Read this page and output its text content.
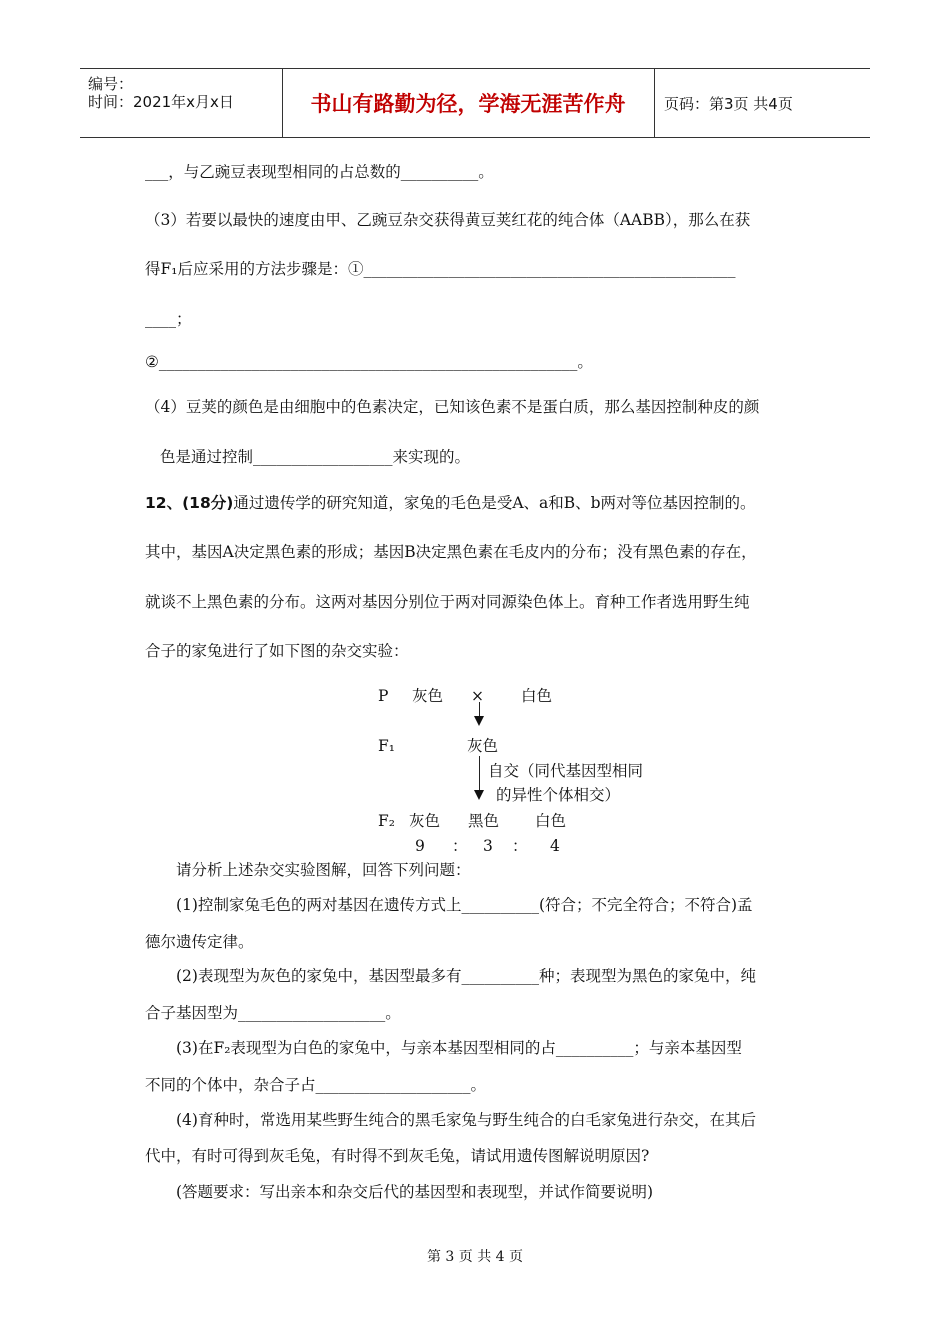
编号：
时间：2021年x月x日	书山有路勤为径，学海无涯苦作舟	页码：第3页 共4页
___，与乙豌豆表现型相同的占总数的__________。
（3）若要以最快的速度由甲、乙豌豆杂交获得黄豆荚红花的纯合体（AABB），那么在获
得F₁后应采用的方法步骤是：①________________________________________________
____；
②______________________________________________________。
（4）豆荚的颜色是由细胞中的色素决定，已知该色素不是蛋白质，那么基因控制种皮的颜
色是通过控制__________________来实现的。
12、(18分)通过遗传学的研究知道，家兔的毛色是受A、a和B、b两对等位基因控制的。
其中，基因A决定黑色素的形成；基因B决定黑色素在毛皮内的分布；没有黑色素的存在，
就谈不上黑色素的分布。这两对基因分别位于两对同源染色体上。育种工作者选用野生纯
合子的家兔进行了如下图的杂交实验：
P 灰色 × 白色
F₁	灰色
自交（同代基因型相同
的异性个体相交）
F₂ 灰色 黑色 白色
9 ： 3 ： 4
请分析上述杂交实验图解，回答下列问题：
(1)控制家兔毛色的两对基因在遗传方式上__________(符合；不完全符合；不符合)孟
德尔遗传定律。
(2)表现型为灰色的家兔中，基因型最多有__________种；表现型为黑色的家兔中，纯
合子基因型为___________________。
(3)在F₂表现型为白色的家兔中，与亲本基因型相同的占__________；与亲本基因型
不同的个体中，杂合子占____________________。
(4)育种时，常选用某些野生纯合的黑毛家兔与野生纯合的白毛家兔进行杂交，在其后
代中，有时可得到灰毛兔，有时得不到灰毛兔，请试用遗传图解说明原因?
(答题要求：写出亲本和杂交后代的基因型和表现型，并试作简要说明)
第 3 页 共 4 页
